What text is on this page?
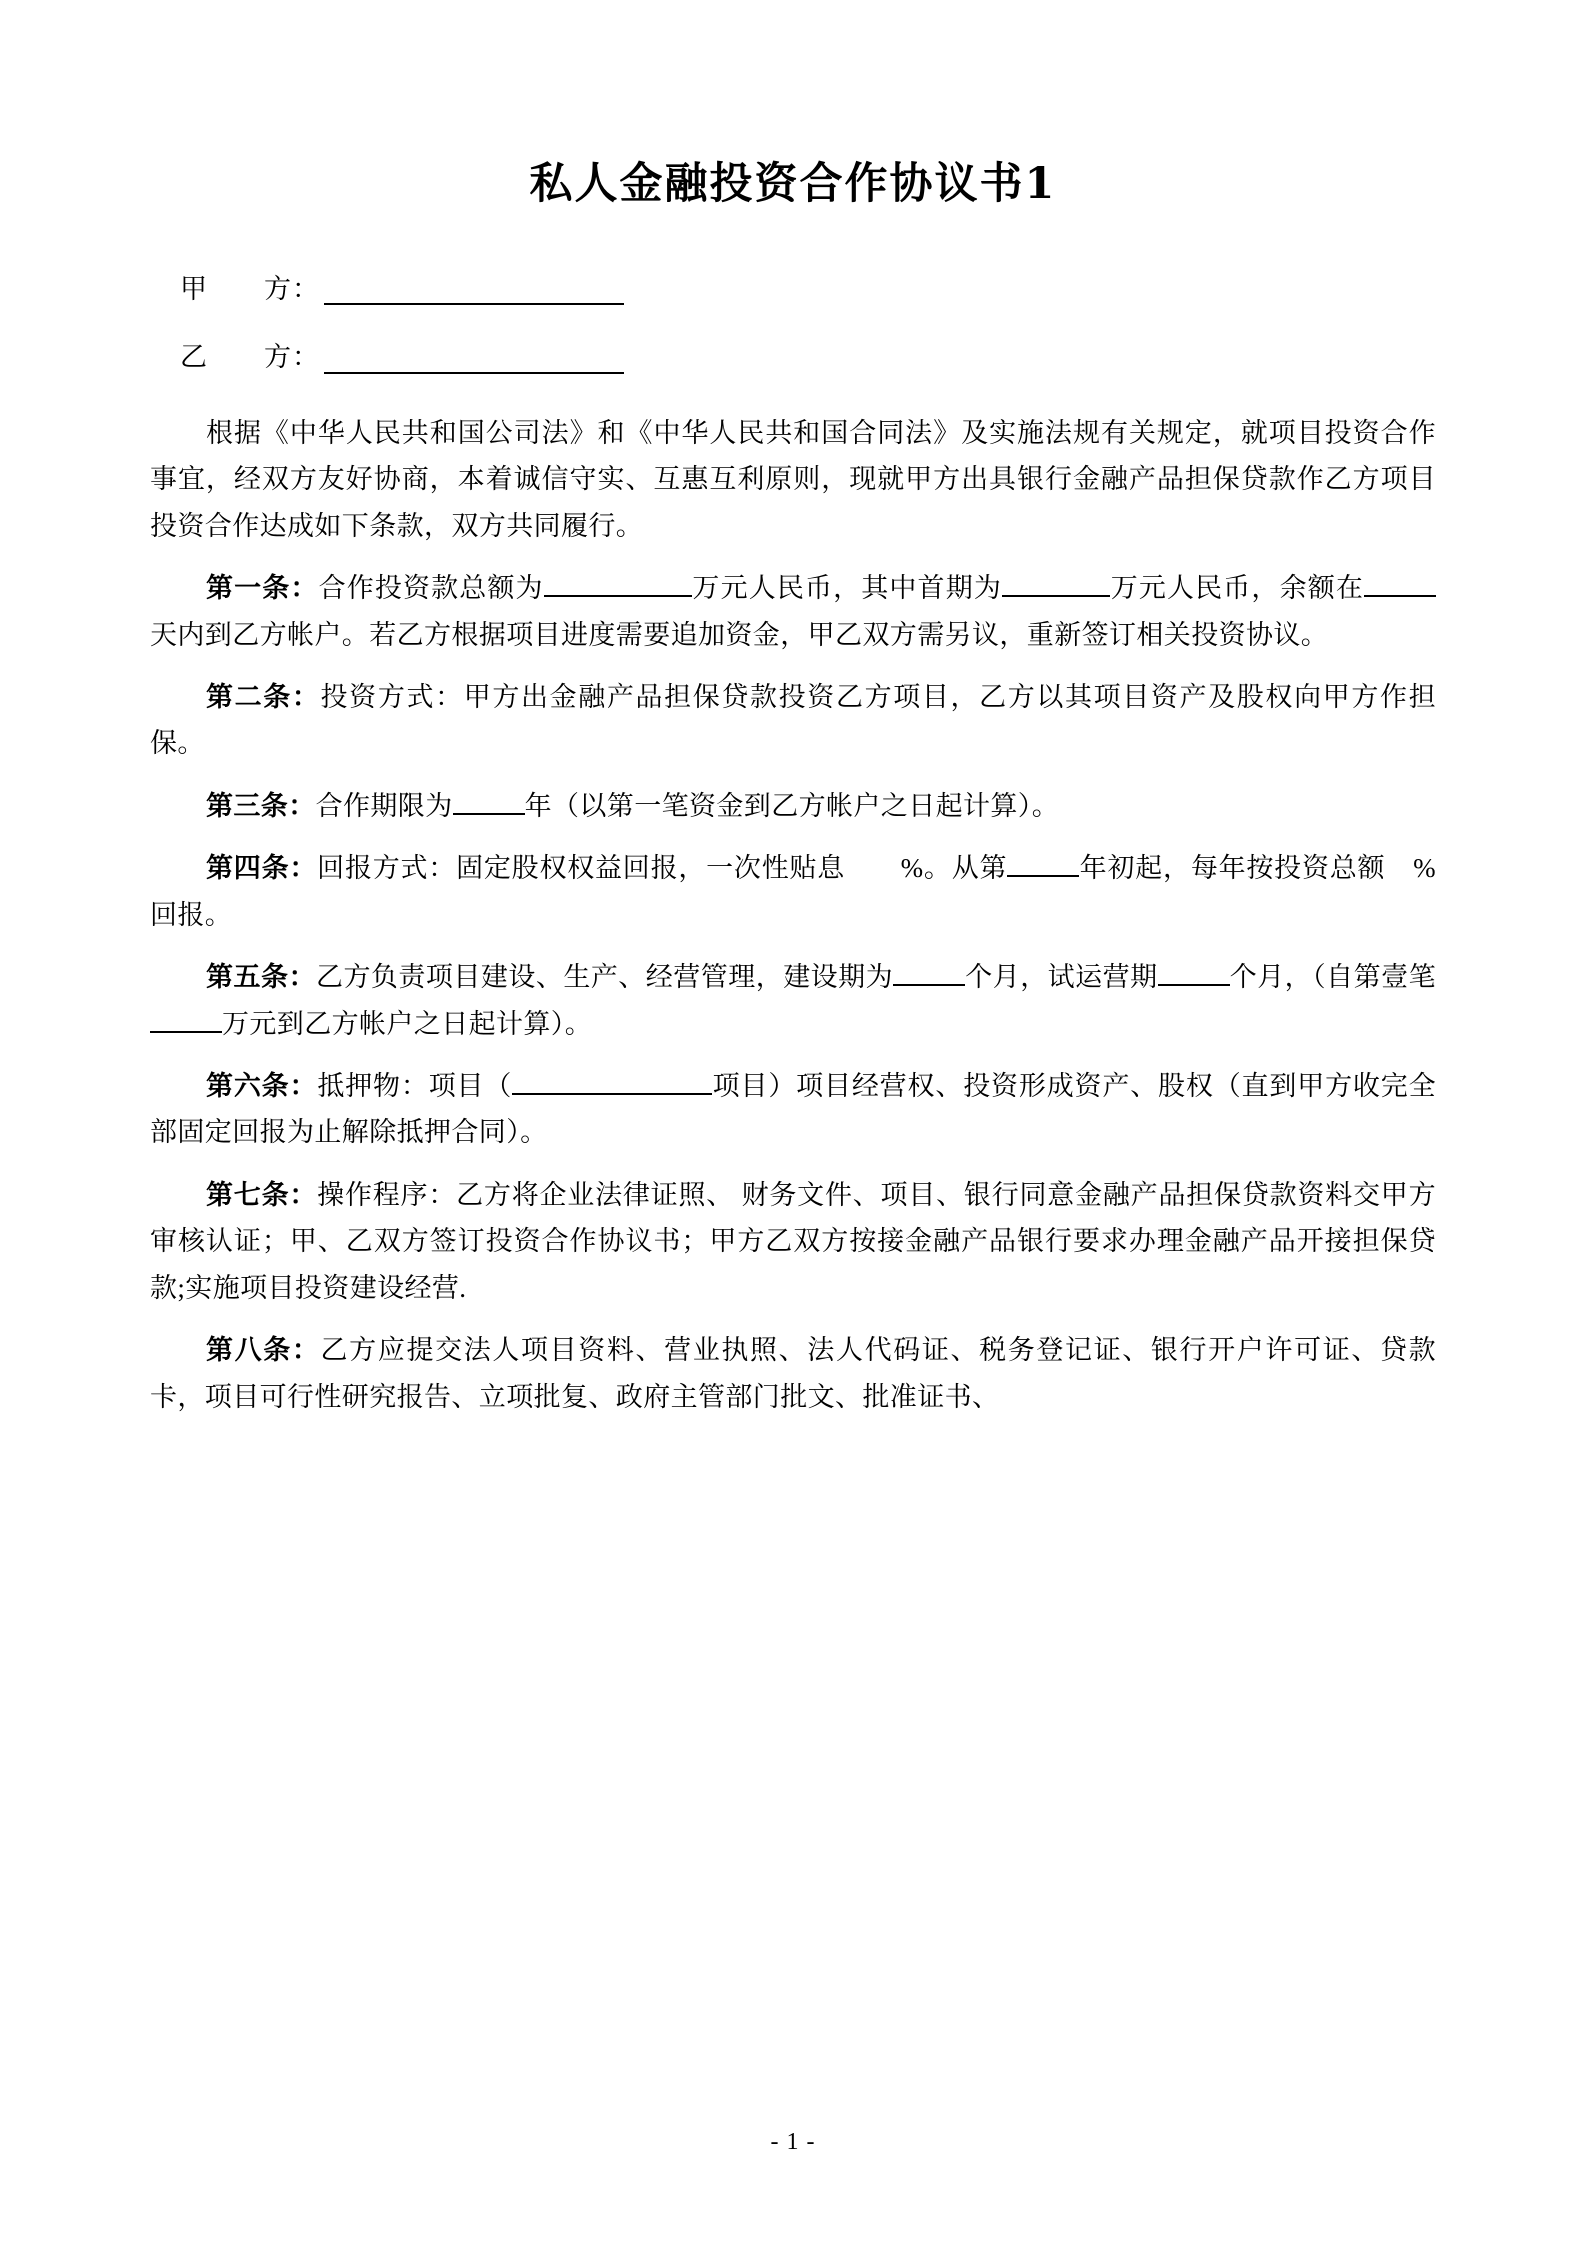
私人金融投资合作协议书1
甲　　方：
乙　　方：

根据《中华人民共和国公司法》和《中华人民共和国合同法》及实施法规有关规定，就项目投资合作事宜，经双方友好协商，本着诚信守实、互惠互利原则，现就甲方出具银行金融产品担保贷款作乙方项目投资合作达成如下条款，双方共同履行。

第一条：合作投资款总额为	万元人民币，其中首期为	万元人民币，余额在天内到乙方帐户。若乙方根据项目进度需要追加资金，甲乙双方需另议，重新签订相关投资协议。

第二条：投资方式：甲方出金融产品担保贷款投资乙方项目，乙方以其项目资产及股权向甲方作担保。

第三条：合作期限为	年（以第一笔资金到乙方帐户之日起计算）。

第四条：回报方式：固定股权权益回报，一次性贴息　　%。从第	年初起，每年按投资总额　%回报。

第五条：乙方负责项目建设、生产、经营管理，建设期为	个月，试运营期	个月，（自第壹笔万元到乙方帐户之日起计算）。

第六条：抵押物：项目（	项目）项目经营权、投资形成资产、股权（直到甲方收完全部固定回报为止解除抵押合同）。

第七条：操作程序：乙方将企业法律证照、 财务文件、项目、银行同意金融产品担保贷款资料交甲方审核认证；甲、乙双方签订投资合作协议书；甲方乙双方按接金融产品银行要求办理金融产品开接担保贷款;实施项目投资建设经营.

第八条：乙方应提交法人项目资料、营业执照、法人代码证、税务登记证、银行开户许可证、贷款卡，项目可行性研究报告、立项批复、政府主管部门批文、批准证书、

- 1 -
